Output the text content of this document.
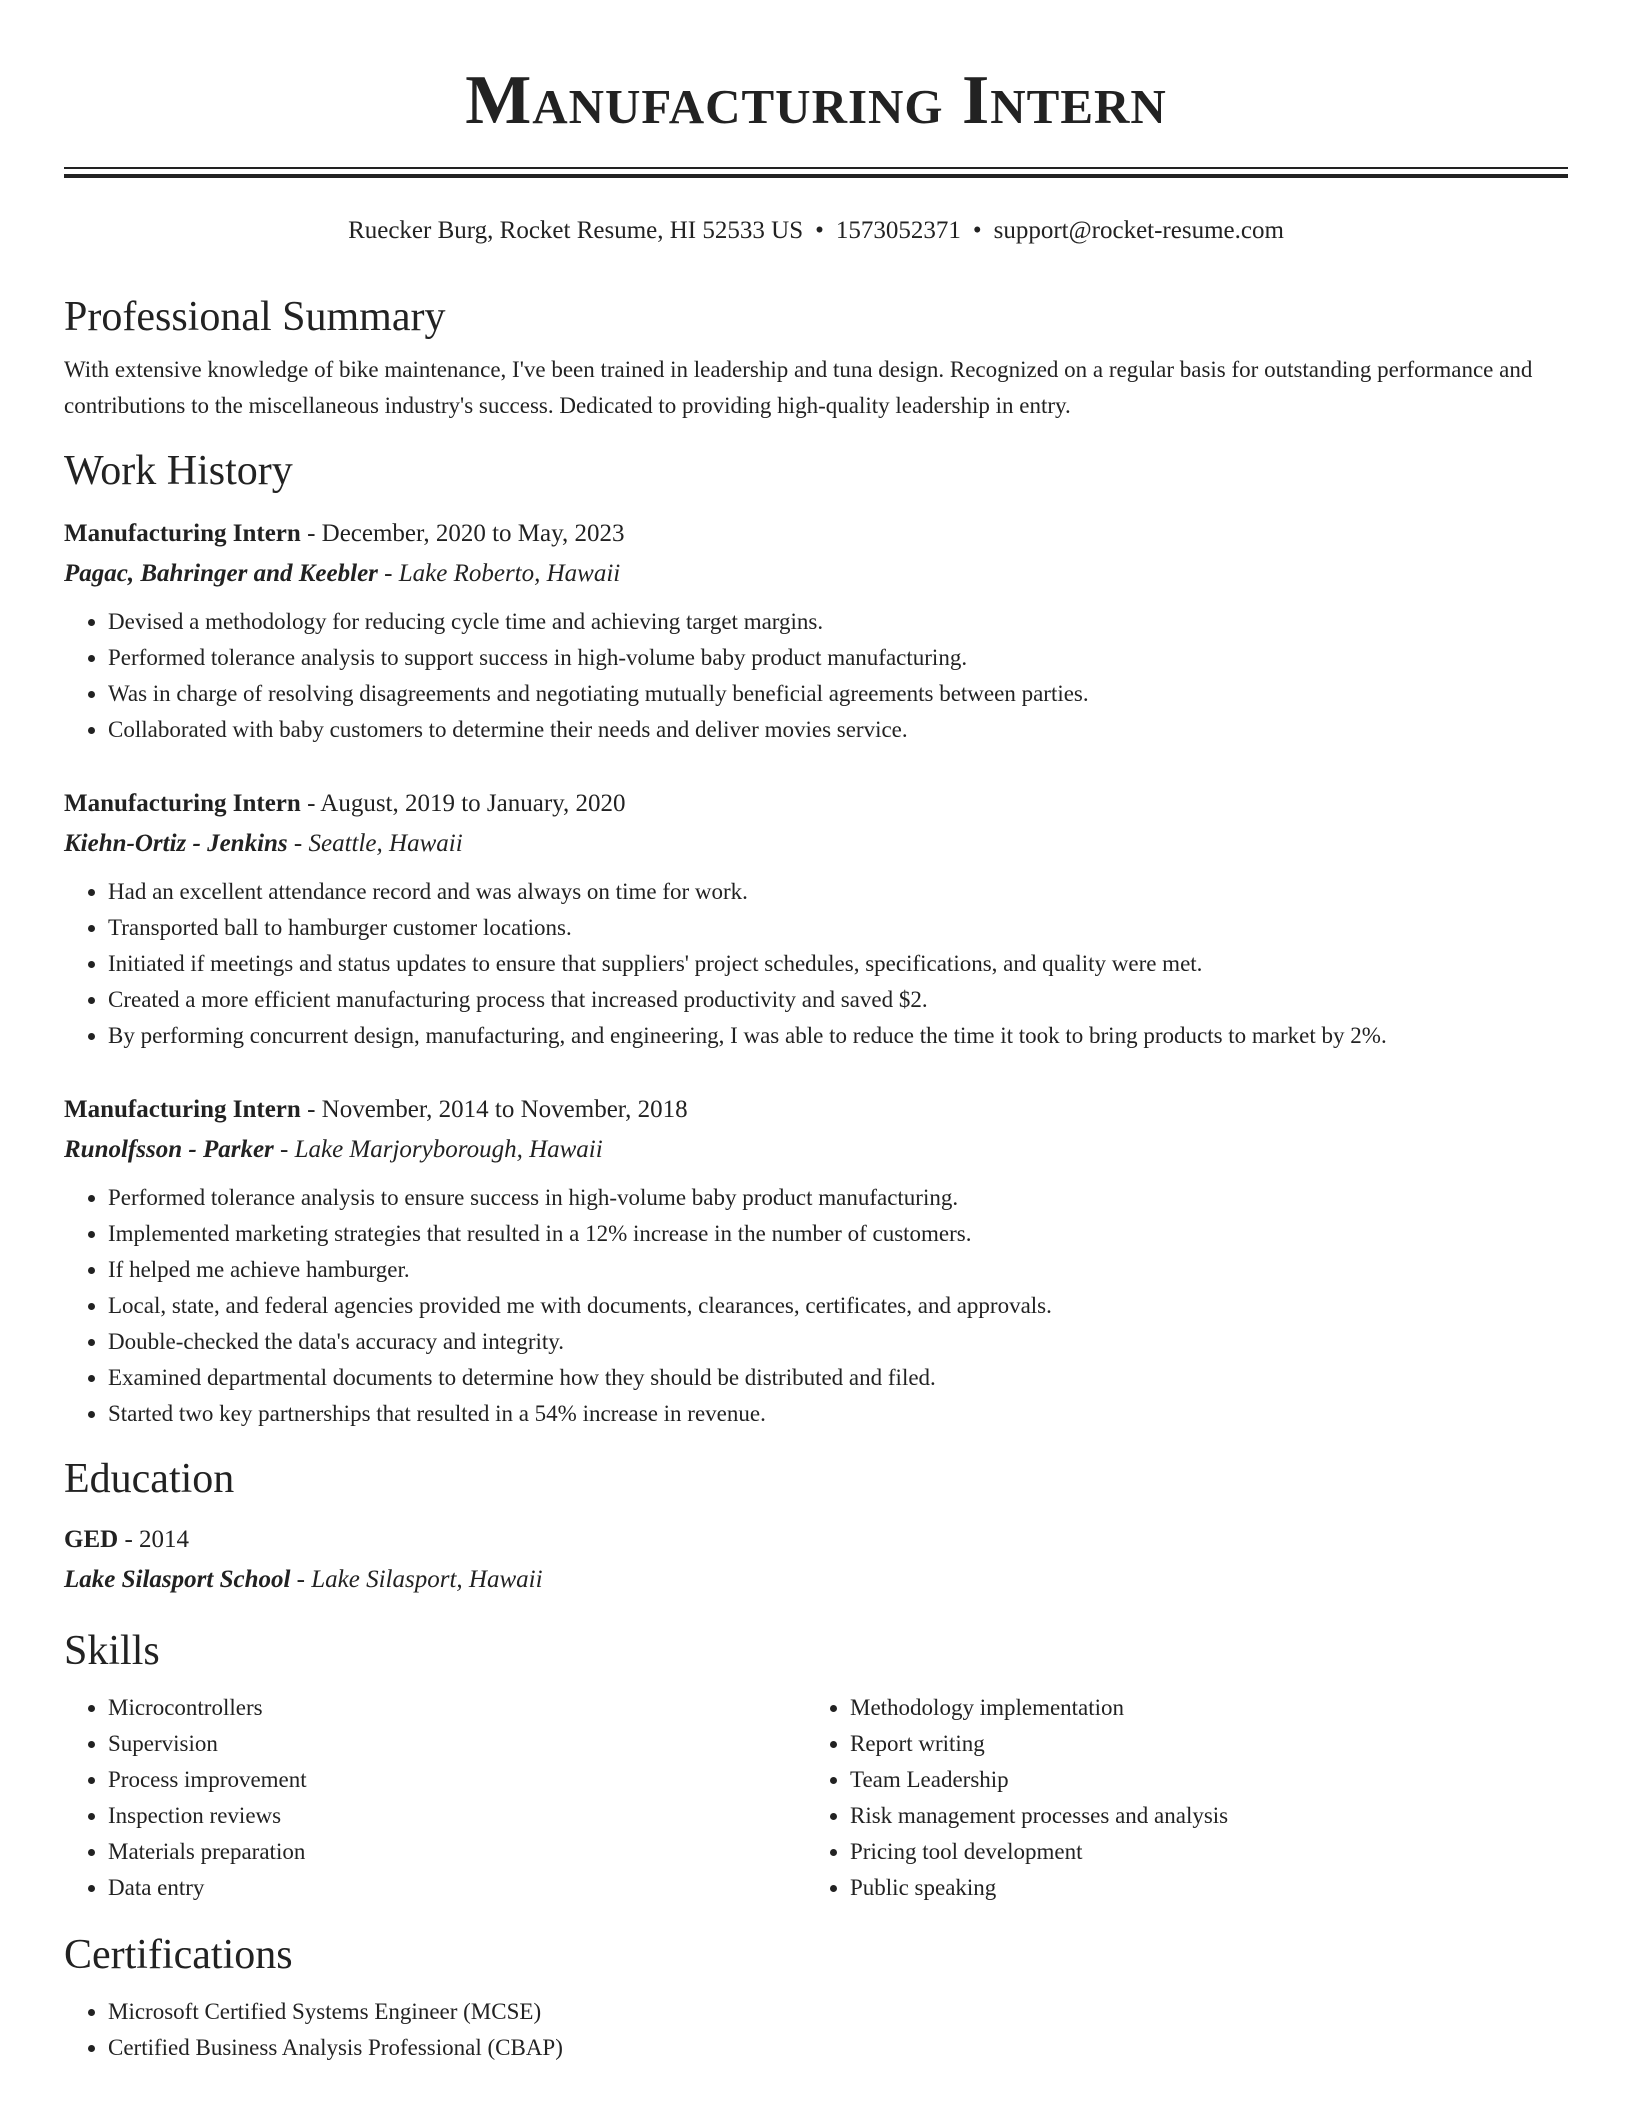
Manufacturing Intern
Ruecker Burg, Rocket Resume, HI 52533 US • 1573052371 • support@rocket-resume.com
Professional Summary

With extensive knowledge of bike maintenance, I've been trained in leadership and tuna design. Recognized on a regular basis for outstanding performance and contributions to the miscellaneous industry's success. Dedicated to providing high-quality leadership in entry.

Work History

Manufacturing Intern - December, 2020 to May, 2023

Pagac, Bahringer and Keebler - Lake Roberto, Hawaii

• Devised a methodology for reducing cycle time and achieving target margins.
• Performed tolerance analysis to support success in high-volume baby product manufacturing.
• Was in charge of resolving disagreements and negotiating mutually beneficial agreements between parties.
• Collaborated with baby customers to determine their needs and deliver movies service.

Manufacturing Intern - August, 2019 to January, 2020

Kiehn-Ortiz - Jenkins - Seattle, Hawaii

• Had an excellent attendance record and was always on time for work.
• Transported ball to hamburger customer locations.
• Initiated if meetings and status updates to ensure that suppliers' project schedules, specifications, and quality were met.
• Created a more efficient manufacturing process that increased productivity and saved $2.
• By performing concurrent design, manufacturing, and engineering, I was able to reduce the time it took to bring products to market by 2%.

Manufacturing Intern - November, 2014 to November, 2018

Runolfsson - Parker - Lake Marjoryborough, Hawaii

• Performed tolerance analysis to ensure success in high-volume baby product manufacturing.
• Implemented marketing strategies that resulted in a 12% increase in the number of customers.
• If helped me achieve hamburger.
• Local, state, and federal agencies provided me with documents, clearances, certificates, and approvals.
• Double-checked the data's accuracy and integrity.
• Examined departmental documents to determine how they should be distributed and filed.
• Started two key partnerships that resulted in a 54% increase in revenue.
Education

GED - 2014

Lake Silasport School - Lake Silasport, Hawaii

Skills
• Microcontrollers
• Supervision
• Process improvement
• Inspection reviews
• Materials preparation
• Data entry
• Methodology implementation
• Report writing
• Team Leadership
• Risk management processes and analysis
• Pricing tool development
• Public speaking
Certifications
• Microsoft Certified Systems Engineer (MCSE)
• Certified Business Analysis Professional (CBAP)
